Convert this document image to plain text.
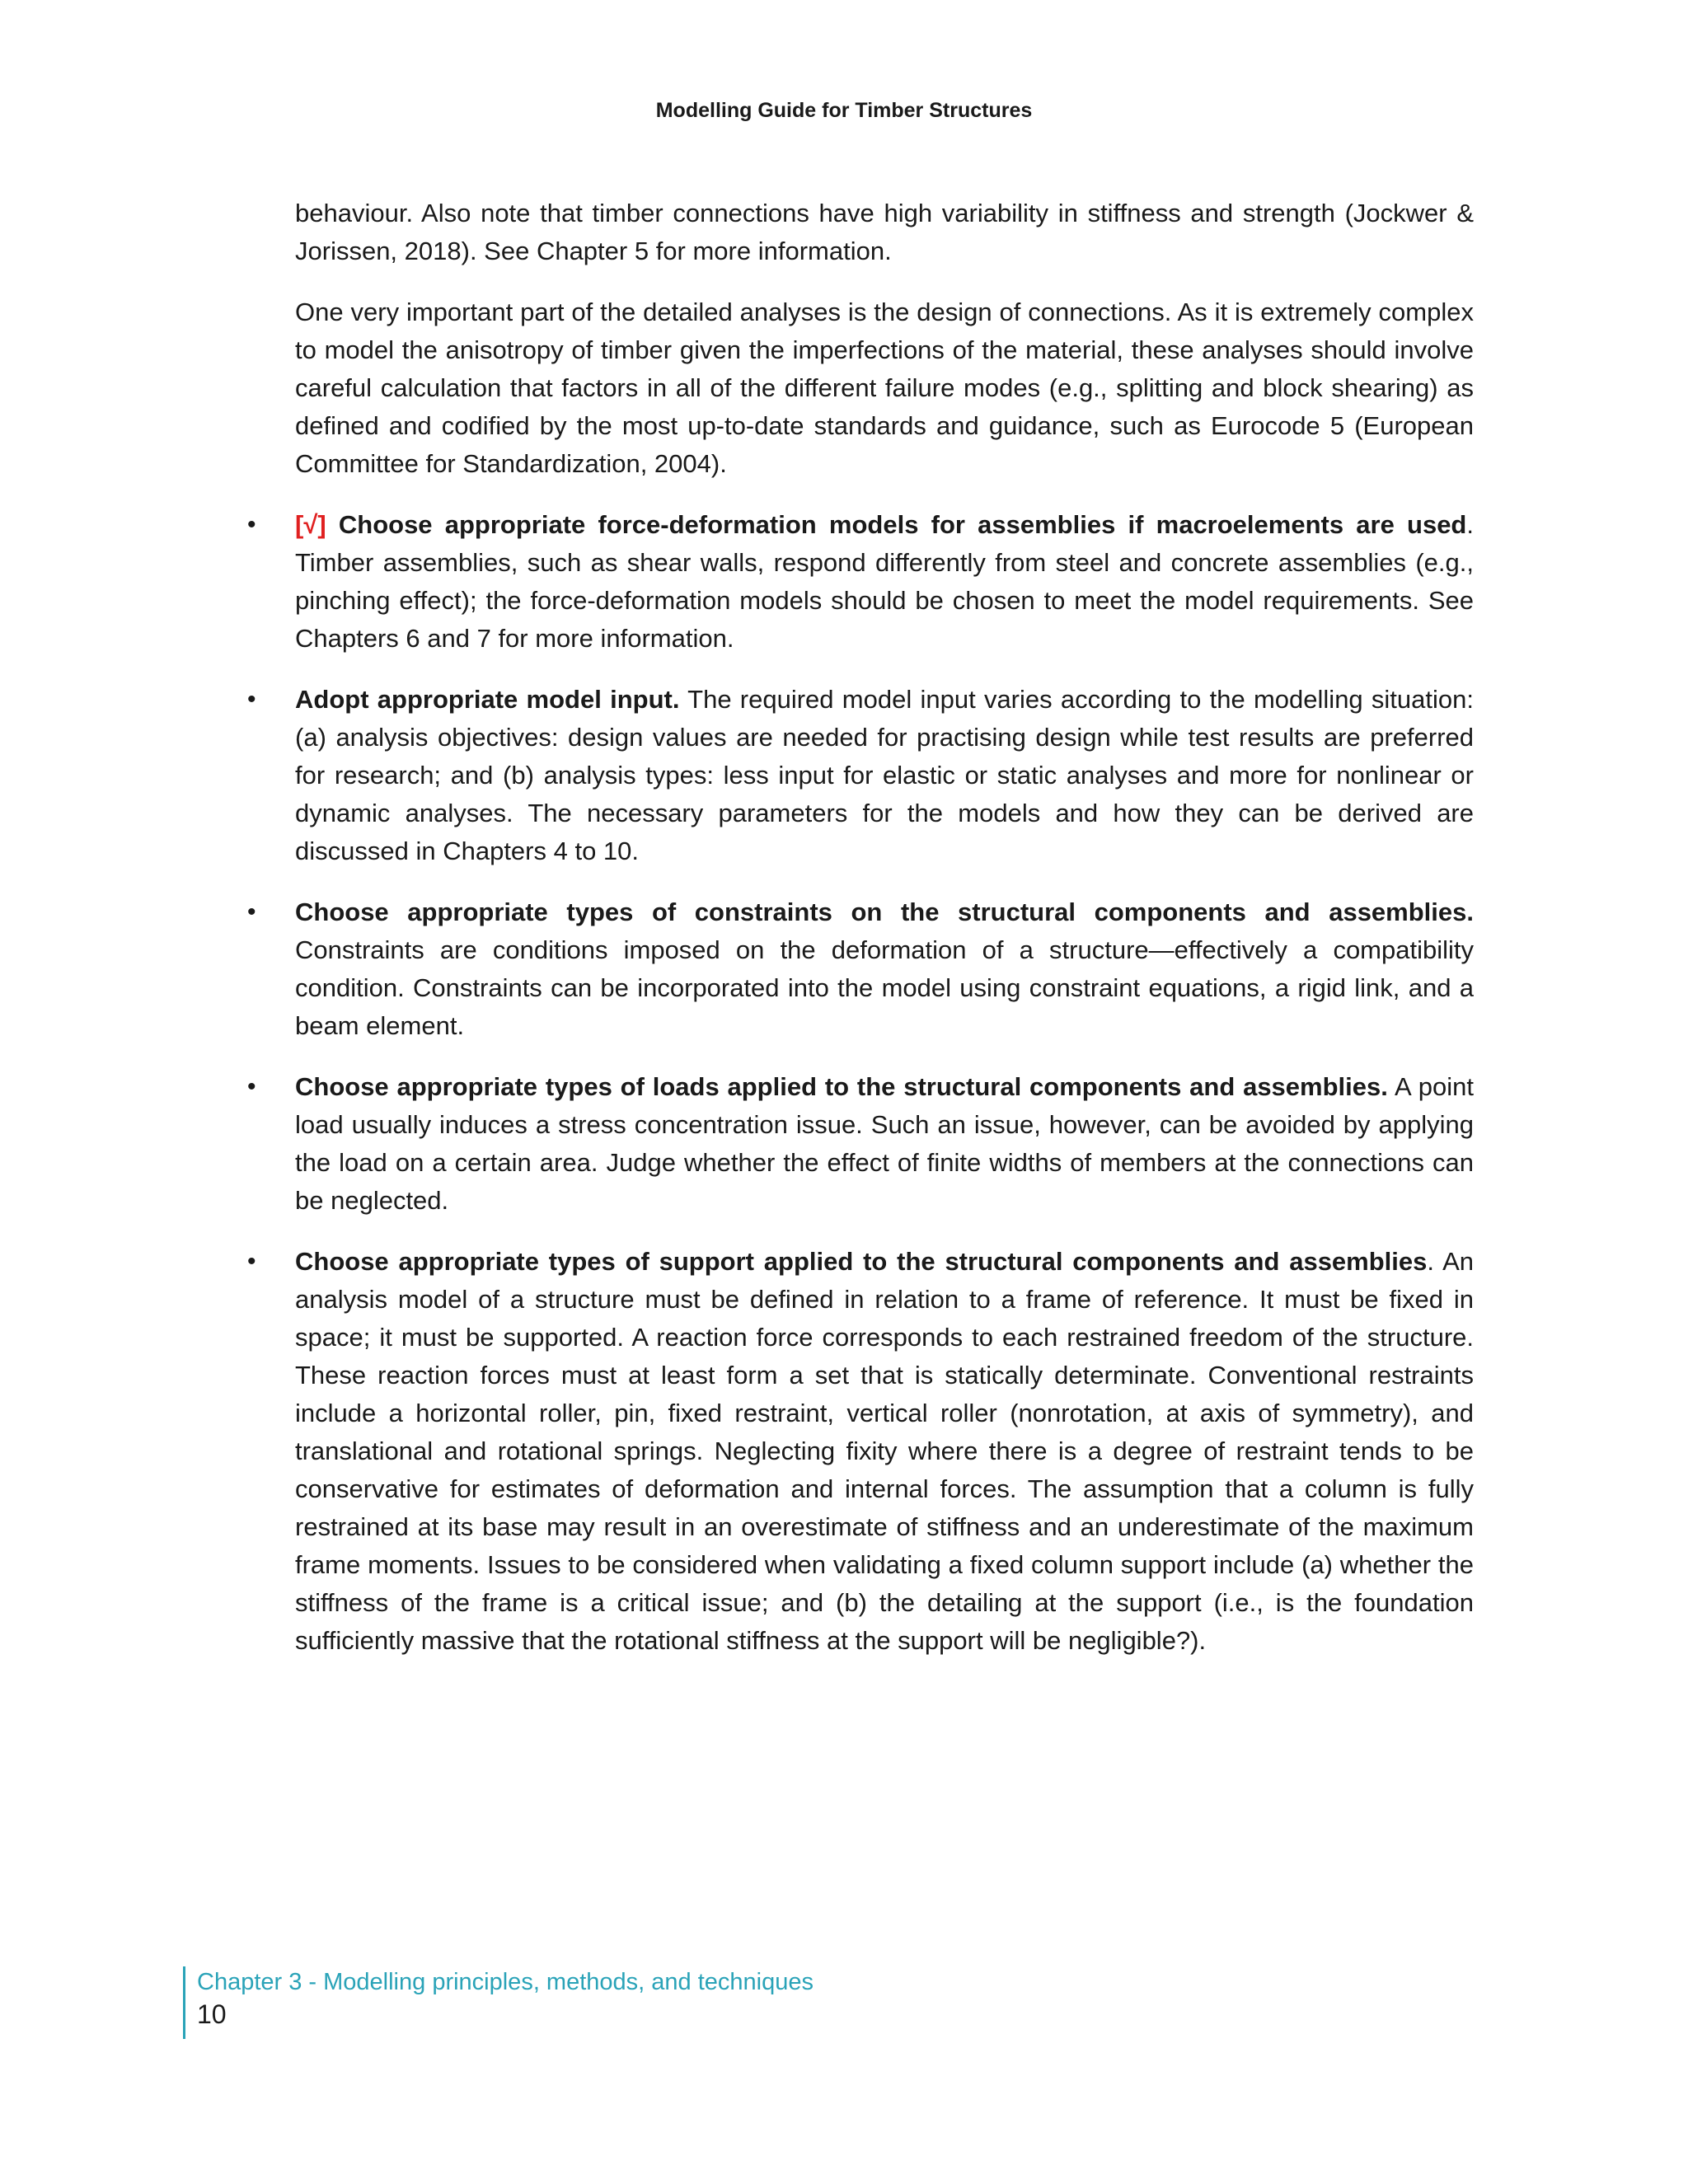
Modelling Guide for Timber Structures

behaviour. Also note that timber connections have high variability in stiffness and strength (Jockwer & Jorissen, 2018). See Chapter 5 for more information.

One very important part of the detailed analyses is the design of connections. As it is extremely complex to model the anisotropy of timber given the imperfections of the material, these analyses should involve careful calculation that factors in all of the different failure modes (e.g., splitting and block shearing) as defined and codified by the most up-to-date standards and guidance, such as Eurocode 5 (European Committee for Standardization, 2004).

• [√] Choose appropriate force-deformation models for assemblies if macroelements are used. Timber assemblies, such as shear walls, respond differently from steel and concrete assemblies (e.g., pinching effect); the force-deformation models should be chosen to meet the model requirements. See Chapters 6 and 7 for more information.
• Adopt appropriate model input. The required model input varies according to the modelling situation: (a) analysis objectives: design values are needed for practising design while test results are preferred for research; and (b) analysis types: less input for elastic or static analyses and more for nonlinear or dynamic analyses. The necessary parameters for the models and how they can be derived are discussed in Chapters 4 to 10.
• Choose appropriate types of constraints on the structural components and assemblies. Constraints are conditions imposed on the deformation of a structure—effectively a compatibility condition. Constraints can be incorporated into the model using constraint equations, a rigid link, and a beam element.
• Choose appropriate types of loads applied to the structural components and assemblies. A point load usually induces a stress concentration issue. Such an issue, however, can be avoided by applying the load on a certain area. Judge whether the effect of finite widths of members at the connections can be neglected.
• Choose appropriate types of support applied to the structural components and assemblies. An analysis model of a structure must be defined in relation to a frame of reference. It must be fixed in space; it must be supported. A reaction force corresponds to each restrained freedom of the structure. These reaction forces must at least form a set that is statically determinate. Conventional restraints include a horizontal roller, pin, fixed restraint, vertical roller (nonrotation, at axis of symmetry), and translational and rotational springs. Neglecting fixity where there is a degree of restraint tends to be conservative for estimates of deformation and internal forces. The assumption that a column is fully restrained at its base may result in an overestimate of stiffness and an underestimate of the maximum frame moments. Issues to be considered when validating a fixed column support include (a) whether the stiffness of the frame is a critical issue; and (b) the detailing at the support (i.e., is the foundation sufficiently massive that the rotational stiffness at the support will be negligible?).
Chapter 3 - Modelling principles, methods, and techniques
10
